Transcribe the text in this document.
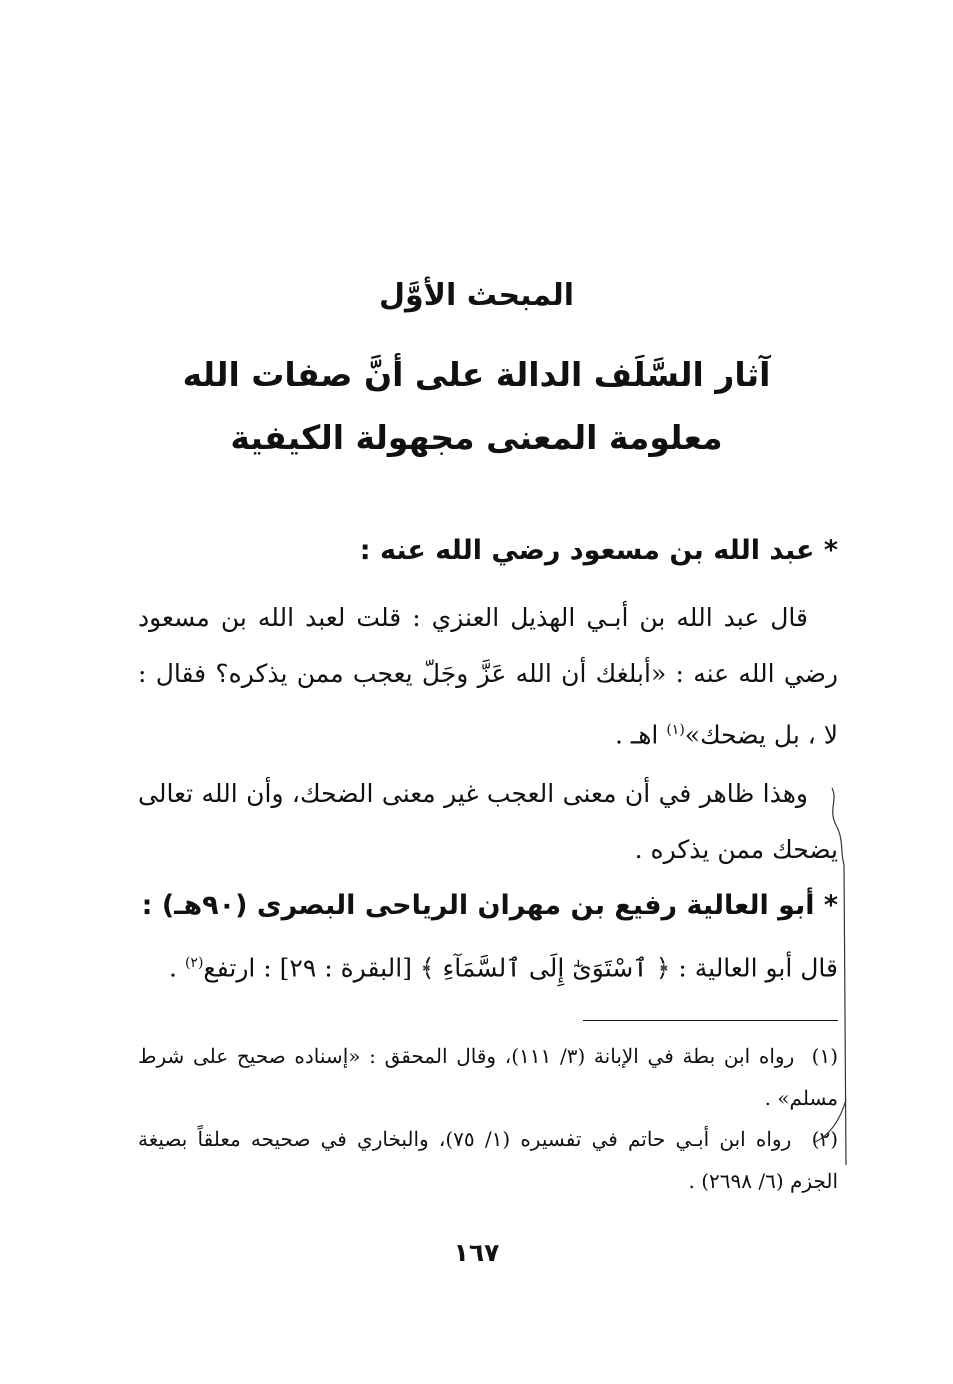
المبحث الأوَّل
آثار السَّلَف الدالة على أنَّ صفات الله
معلومة المعنى مجهولة الكيفية
* عبد الله بن مسعود رضي الله عنه :
قال عبد الله بن أبـي الهذيل العنزي : قلت لعبد الله بن مسعود رضي الله عنه : «أبلغك أن الله عَزَّ وجَلّ يعجب ممن يذكره؟ فقال : لا ، بل يضحك»$^{(١)}$ اهـ .
وهذا ظاهر في أن معنى العجب غير معنى الضحك، وأن الله تعالى يضحك ممن يذكره .
* أبو العالية رفيع بن مهران الرياحى البصرى (٩٠هـ) :
قال أبو العالية : ﴿ ٱسْتَوَىٰٓ إِلَى ٱلسَّمَآءِ ﴾ [البقرة : ٢٩] : ارتفع$^{(٢)}$ .
(١)  رواه ابن بطة في الإبانة (٣/ ١١١)، وقال المحقق : «إسناده صحيح على شرط مسلم» .
(٢)  رواه ابن أبـي حاتم في تفسيره (١/ ٧٥)، والبخاري في صحيحه معلقاً بصيغة الجزم (٦/ ٢٦٩٨) .
١٦٧
